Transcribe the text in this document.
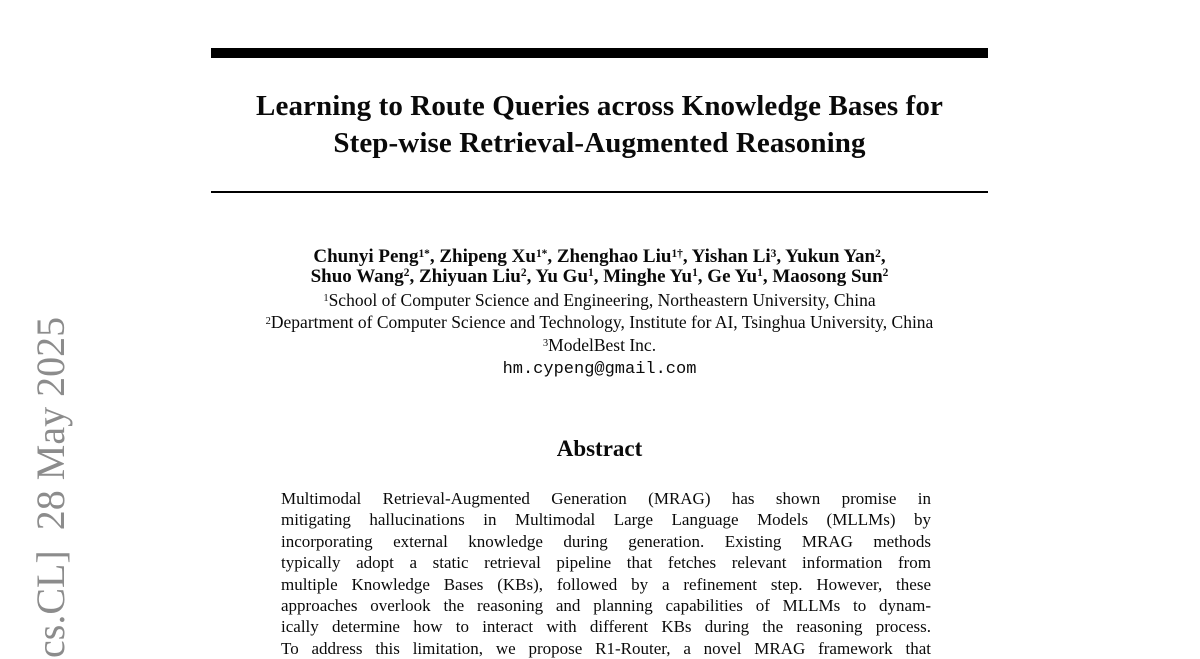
cs.CL]  28 May 2025
Learning to Route Queries across Knowledge Bases for
Step-wise Retrieval-Augmented Reasoning
Chunyi Peng$^{1*}$, Zhipeng $Xu^{1*}$, Zhenghao Liu$^{1\dagger}$, Yishan Li$^3$, Yukun Yan$^2$,
Shuo Wang$^2$, Zhiyuan Liu$^2$, Yu Gu$^1$, Minghe Yu$^1$, Ge Yu$^1$, Maosong Sun$^2$
$^1$School of Computer Science and Engineering, Northeastern University, China
$^2$Department of Computer Science and Technology, Institute for AI, Tsinghua University, China
$^3$ModelBest Inc.
hm.cypeng@gmail.com
Abstract
Multimodal Retrieval-Augmented Generation (MRAG) has shown promise in
mitigating hallucinations in Multimodal Large Language Models (MLLMs) by
incorporating external knowledge during generation. Existing MRAG methods
typically adopt a static retrieval pipeline that fetches relevant information from
multiple Knowledge Bases (KBs), followed by a refinement step. However, these
approaches overlook the reasoning and planning capabilities of MLLMs to dynam-
ically determine how to interact with different KBs during the reasoning process.
To address this limitation, we propose R1-Router, a novel MRAG framework that
